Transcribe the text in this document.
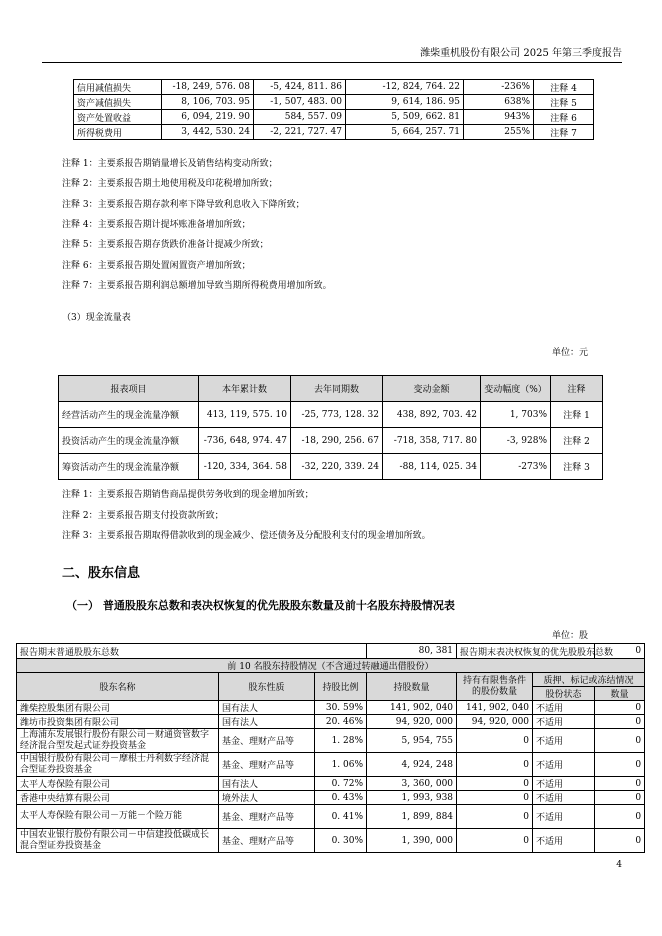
潍柴重机股份有限公司 2025 年第三季度报告
信用减值损失	-18, 249, 576. 08	-5, 424, 811. 86	-12, 824, 764. 22	-236%	注释 4
资产减值损失	8, 106, 703. 95	-1, 507, 483. 00	9, 614, 186. 95	638%	注释 5
资产处置收益	6, 094, 219. 90	584, 557. 09	5, 509, 662. 81	943%	注释 6
所得税费用	3, 442, 530. 24	-2, 221, 727. 47	5, 664, 257. 71	255%	注释 7
注释 1：主要系报告期销量增长及销售结构变动所致；
注释 2：主要系报告期土地使用税及印花税增加所致；
注释 3：主要系报告期存款利率下降导致利息收入下降所致；
注释 4：主要系报告期计提坏账准备增加所致；
注释 5：主要系报告期存货跌价准备计提减少所致；
注释 6：主要系报告期处置闲置资产增加所致；
注释 7：主要系报告期利润总额增加导致当期所得税费用增加所致。
（3）现金流量表
单位：元
报表项目	本年累计数	去年同期数	变动金额	变动幅度（%）	注释
经营活动产生的现金流量净额	413, 119, 575. 10	-25, 773, 128. 32	438, 892, 703. 42	1, 703%	注释 1
投资活动产生的现金流量净额	-736, 648, 974. 47	-18, 290, 256. 67	-718, 358, 717. 80	-3, 928%	注释 2
筹资活动产生的现金流量净额	-120, 334, 364. 58	-32, 220, 339. 24	-88, 114, 025. 34	-273%	注释 3
注释 1：主要系报告期销售商品提供劳务收到的现金增加所致；
注释 2：主要系报告期支付投资款所致；
注释 3：主要系报告期取得借款收到的现金减少、偿还债务及分配股利支付的现金增加所致。
二、股东信息
（一） 普通股股东总数和表决权恢复的优先股股东数量及前十名股东持股情况表
单位：股
报告期末普通股股东总数			80, 381	报告期末表决权恢复的优先股股东总数		0
前 10 名股东持股情况（不含通过转融通出借股份）						
股东名称	股东性质	持股比例	持股数量	持有有限售条件的股份数量	质押、标记或冻结情况	
					股份状态	数量
潍柴控股集团有限公司	国有法人	30. 59%	141, 902, 040	141, 902, 040	不适用	0
潍坊市投资集团有限公司	国有法人	20. 46%	94, 920, 000	94, 920, 000	不适用	0
上海浦东发展银行股份有限公司－财通资管数字经济混合型发起式证券投资基金	基金、理财产品等	1. 28%	5, 954, 755	0	不适用	0
中国银行股份有限公司－摩根士丹利数字经济混合型证券投资基金	基金、理财产品等	1. 06%	4, 924, 248	0	不适用	0
太平人寿保险有限公司	国有法人	0. 72%	3, 360, 000	0	不适用	0
香港中央结算有限公司	境外法人	0. 43%	1, 993, 938	0	不适用	0
太平人寿保险有限公司－万能－个险万能	基金、理财产品等	0. 41%	1, 899, 884	0	不适用	0
中国农业银行股份有限公司－中信建投低碳成长混合型证券投资基金	基金、理财产品等	0. 30%	1, 390, 000	0	不适用	0
4
